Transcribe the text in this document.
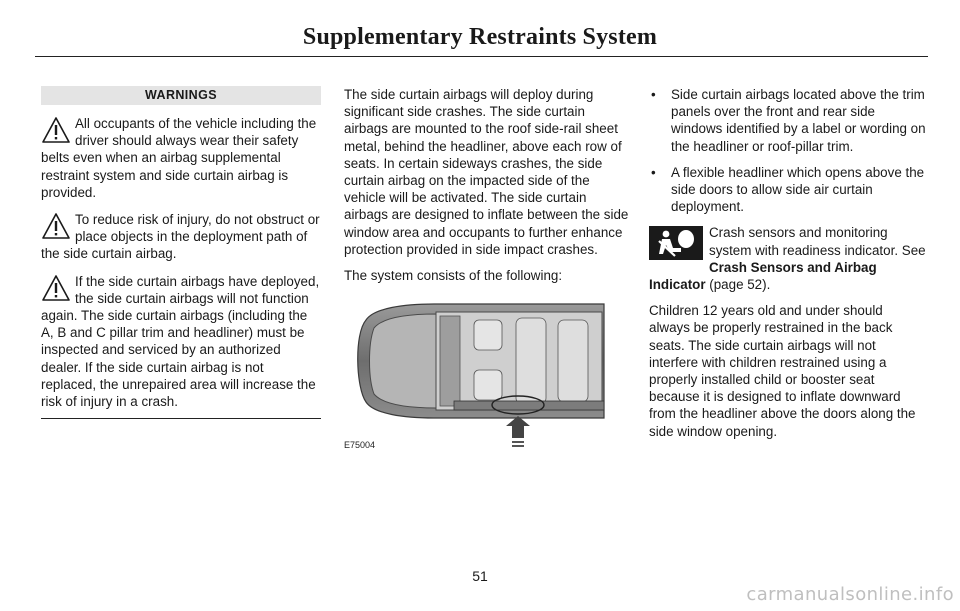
Supplementary Restraints System
WARNINGS
All occupants of the vehicle including the driver should always wear their safety belts even when an airbag supplemental restraint system and side curtain airbag is provided.
To reduce risk of injury, do not obstruct or place objects in the deployment path of the side curtain airbag.
If the side curtain airbags have deployed, the side curtain airbags will not function again. The side curtain airbags (including the A, B and C pillar trim and headliner) must be inspected and serviced by an authorized dealer. If the side curtain airbag is not replaced, the unrepaired area will increase the risk of injury in a crash.

The side curtain airbags will deploy during significant side crashes. The side curtain airbags are mounted to the roof side-rail sheet metal, behind the headliner, above each row of seats. In certain sideways crashes, the side curtain airbag on the impacted side of the vehicle will be activated. The side curtain airbags are designed to inflate between the side window area and occupants to further enhance protection provided in side impact crashes.

The system consists of the following:

E75004
• Side curtain airbags located above the trim panels over the front and rear side windows identified by a label or wording on the headliner or roof-pillar trim.
• A flexible headliner which opens above the side doors to allow side air curtain deployment.
Crash sensors and monitoring system with readiness indicator. See Crash Sensors and Airbag Indicator (page 52).

Children 12 years old and under should always be properly restrained in the back seats. The side curtain airbags will not interfere with children restrained using a properly installed child or booster seat because it is designed to inflate downward from the headliner above the doors along the side window opening.

51
carmanualsonline.info
